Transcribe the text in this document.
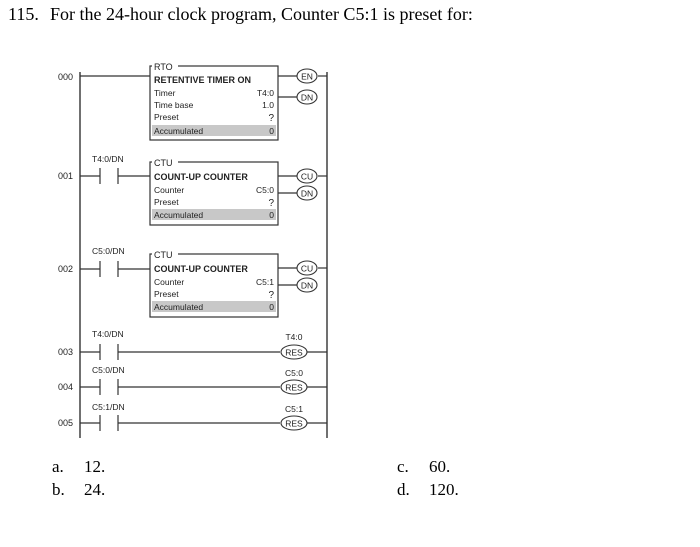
115. For the 24-hour clock program, Counter C5:1 is preset for:
000
RTO
RETENTIVE TIMER ON
Timer	T4:0
Time base	1.0
Preset	?
Accumulated	0
EN
DN
001
T4:0/DN	CTU
COUNT-UP COUNTER
Counter	C5:0
Preset	?
Accumulated	0
CU
DN
002
C5:0/DN	CTU
COUNT-UP COUNTER
Counter	C5:1
Preset	?
Accumulated	0
CU
DN
003
T4:0/DN	T4:0
RES
004
C5:0/DN	C5:0
RES
005
C5:1/DN	C5:1
RES
a. 12.
b. 24.
c. 60.
d. 120.
